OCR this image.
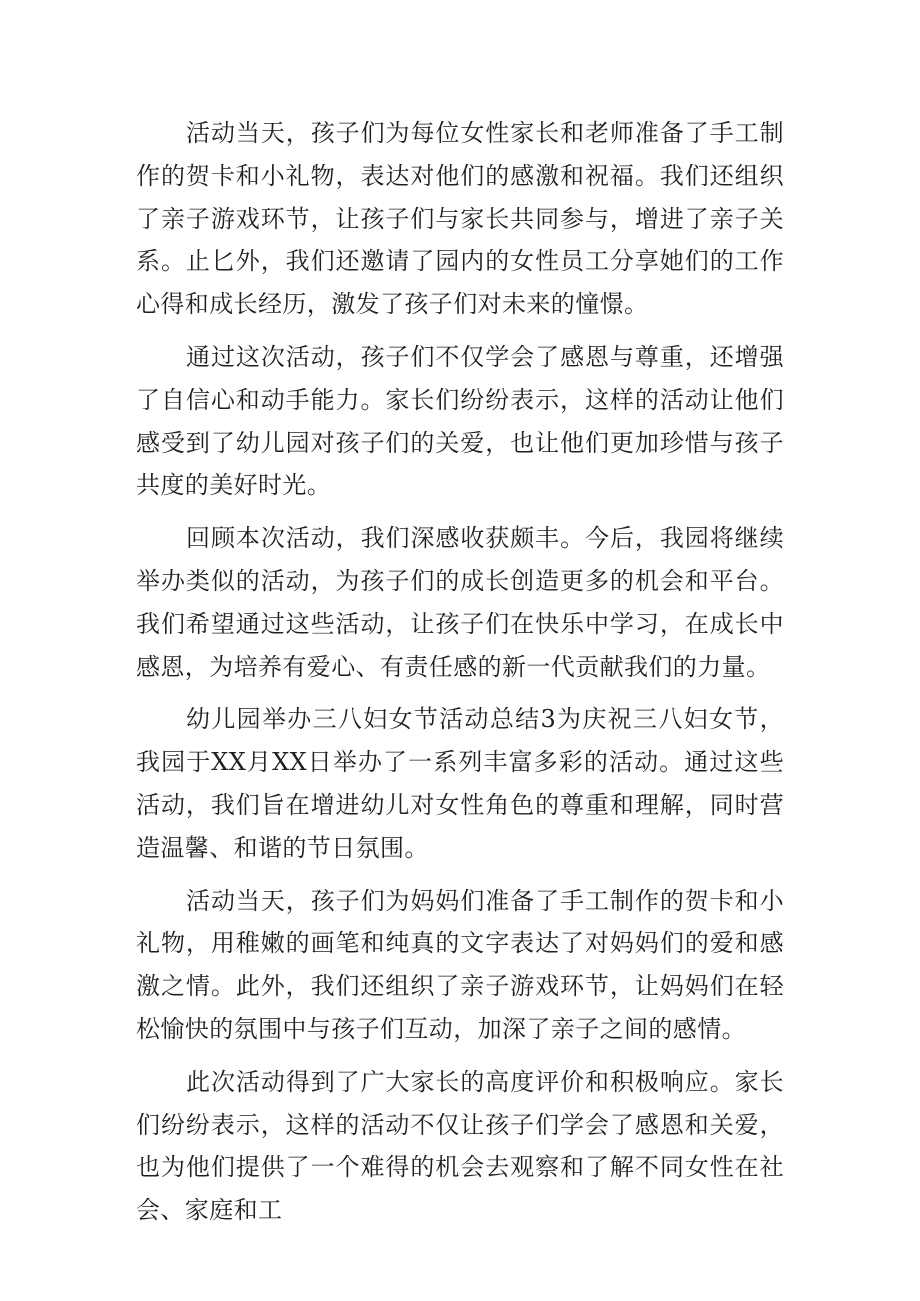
活动当天，孩子们为每位女性家长和老师准备了手工制作的贺卡和小礼物，表达对他们的感激和祝福。我们还组织了亲子游戏环节，让孩子们与家长共同参与，增进了亲子关系。止匕外，我们还邀请了园内的女性员工分享她们的工作心得和成长经历，激发了孩子们对未来的憧憬。

通过这次活动，孩子们不仅学会了感恩与尊重，还增强了自信心和动手能力。家长们纷纷表示，这样的活动让他们感受到了幼儿园对孩子们的关爱，也让他们更加珍惜与孩子共度的美好时光。

回顾本次活动，我们深感收获颇丰。今后，我园将继续举办类似的活动，为孩子们的成长创造更多的机会和平台。我们希望通过这些活动，让孩子们在快乐中学习，在成长中感恩，为培养有爱心、有责任感的新一代贡献我们的力量。

幼儿园举办三八妇女节活动总结3为庆祝三八妇女节，我园于XX月XX日举办了一系列丰富多彩的活动。通过这些活动，我们旨在增进幼儿对女性角色的尊重和理解，同时营造温馨、和谐的节日氛围。

活动当天，孩子们为妈妈们准备了手工制作的贺卡和小礼物，用稚嫩的画笔和纯真的文字表达了对妈妈们的爱和感激之情。此外，我们还组织了亲子游戏环节，让妈妈们在轻松愉快的氛围中与孩子们互动，加深了亲子之间的感情。

此次活动得到了广大家长的高度评价和积极响应。家长们纷纷表示，这样的活动不仅让孩子们学会了感恩和关爱，也为他们提供了一个难得的机会去观察和了解不同女性在社会、家庭和工
